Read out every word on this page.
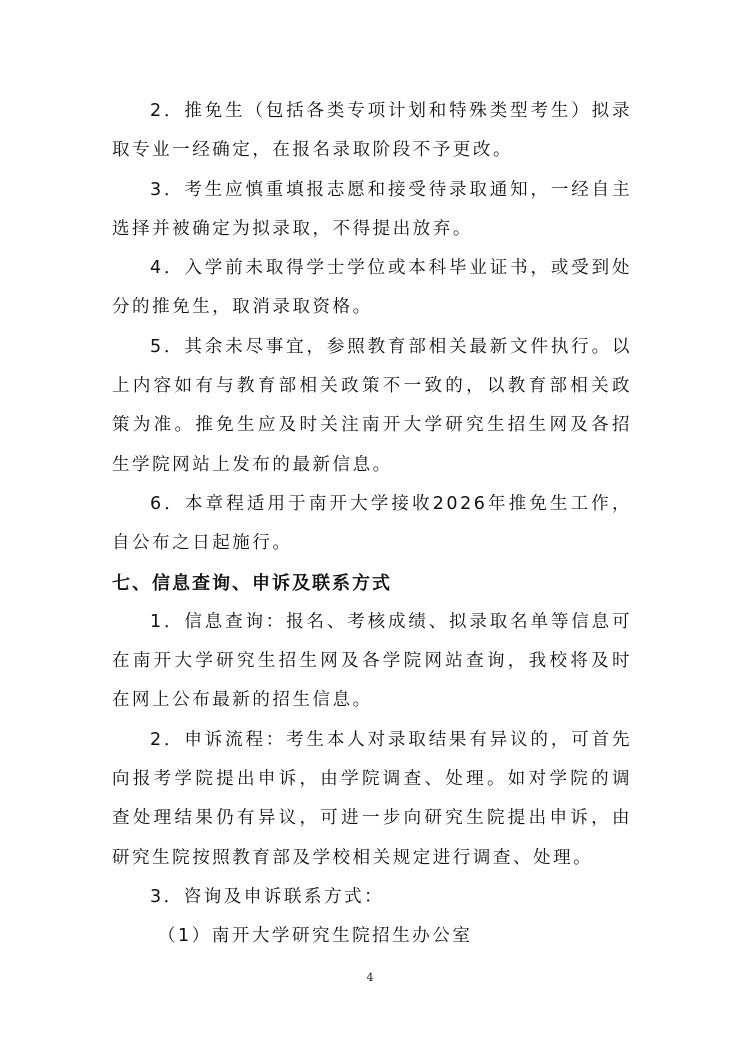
2．推免生（包括各类专项计划和特殊类型考生）拟录取专业一经确定，在报名录取阶段不予更改。

3．考生应慎重填报志愿和接受待录取通知，一经自主选择并被确定为拟录取，不得提出放弃。

4．入学前未取得学士学位或本科毕业证书，或受到处分的推免生，取消录取资格。

5．其余未尽事宜，参照教育部相关最新文件执行。以上内容如有与教育部相关政策不一致的，以教育部相关政策为准。推免生应及时关注南开大学研究生招生网及各招生学院网站上发布的最新信息。

6．本章程适用于南开大学接收2026年推免生工作，自公布之日起施行。

七、信息查询、申诉及联系方式

1．信息查询：报名、考核成绩、拟录取名单等信息可在南开大学研究生招生网及各学院网站查询，我校将及时在网上公布最新的招生信息。

2．申诉流程：考生本人对录取结果有异议的，可首先向报考学院提出申诉，由学院调查、处理。如对学院的调查处理结果仍有异议，可进一步向研究生院提出申诉，由研究生院按照教育部及学校相关规定进行调查、处理。

3．咨询及申诉联系方式：

（1）南开大学研究生院招生办公室

4
